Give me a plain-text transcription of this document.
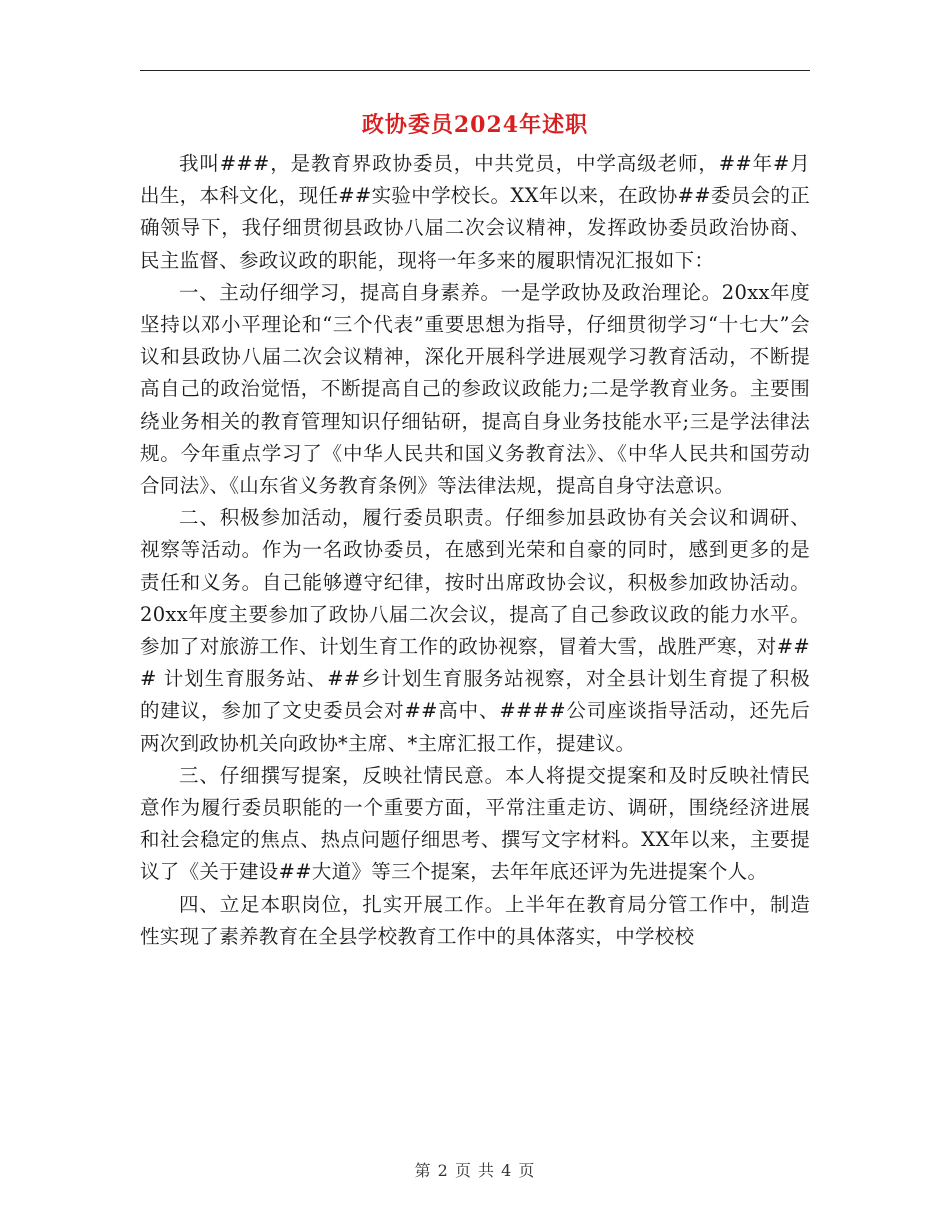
政协委员2024年述职

我叫###，是教育界政协委员，中共党员，中学高级老师，##年#月出生，本科文化，现任##实验中学校长。XX年以来，在政协##委员会的正确领导下，我仔细贯彻县政协八届二次会议精神，发挥政协委员政治协商、民主监督、参政议政的职能，现将一年多来的履职情况汇报如下：

一、主动仔细学习，提高自身素养。一是学政协及政治理论。20xx年度坚持以邓小平理论和“三个代表”重要思想为指导，仔细贯彻学习“十七大”会议和县政协八届二次会议精神，深化开展科学进展观学习教育活动，不断提高自己的政治觉悟，不断提高自己的参政议政能力;二是学教育业务。主要围绕业务相关的教育管理知识仔细钻研，提高自身业务技能水平;三是学法律法规。今年重点学习了《中华人民共和国义务教育法》、《中华人民共和国劳动合同法》、《山东省义务教育条例》等法律法规，提高自身守法意识。

二、积极参加活动，履行委员职责。仔细参加县政协有关会议和调研、视察等活动。作为一名政协委员，在感到光荣和自豪的同时，感到更多的是责任和义务。自己能够遵守纪律，按时出席政协会议，积极参加政协活动。20xx年度主要参加了政协八届二次会议，提高了自己参政议政的能力水平。参加了对旅游工作、计划生育工作的政协视察，冒着大雪，战胜严寒，对## # 计划生育服务站、##乡计划生育服务站视察，对全县计划生育提了积极的建议，参加了文史委员会对##高中、####公司座谈指导活动，还先后两次到政协机关向政协*主席、*主席汇报工作，提建议。

三、仔细撰写提案，反映社情民意。本人将提交提案和及时反映社情民意作为履行委员职能的一个重要方面，平常注重走访、调研，围绕经济进展和社会稳定的焦点、热点问题仔细思考、撰写文字材料。XX年以来，主要提议了《关于建设##大道》等三个提案，去年年底还评为先进提案个人。

四、立足本职岗位，扎实开展工作。上半年在教育局分管工作中，制造性实现了素养教育在全县学校教育工作中的具体落实，中学校校

第 2 页 共 4 页
